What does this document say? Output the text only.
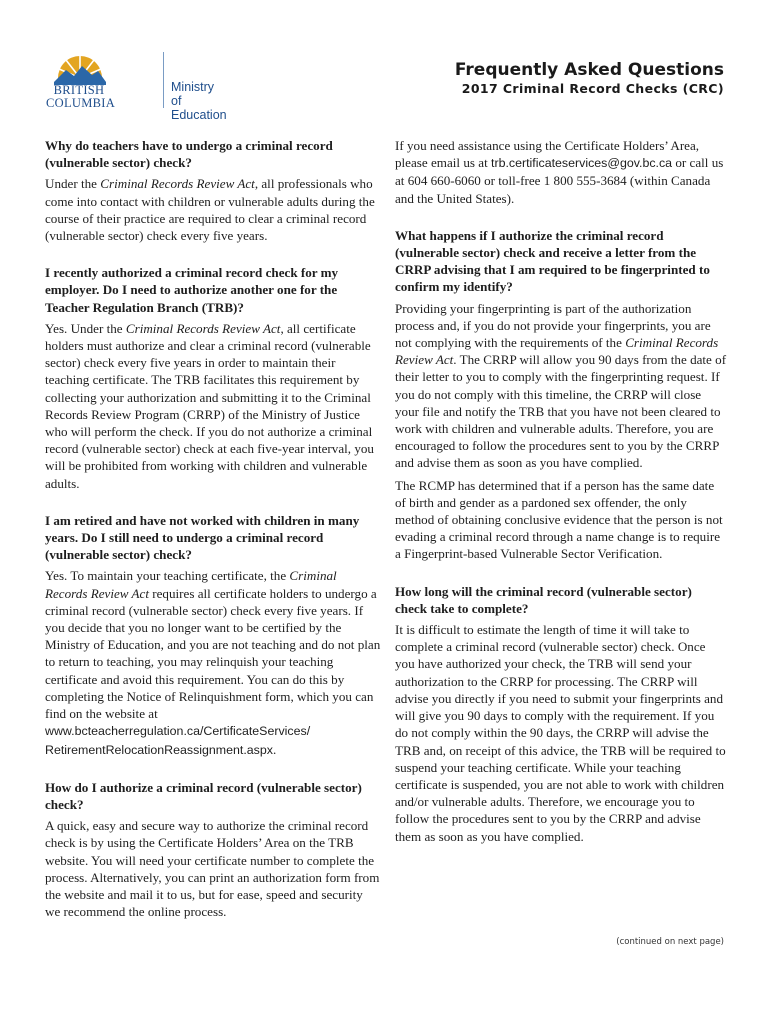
BRITISH
COLUMBIA
Ministry of
Education
Frequently Asked Questions
2017 Criminal Record Checks (CRC)

Why do teachers have to undergo a criminal record (vulnerable sector) check?

Under the Criminal Records Review Act, all professionals who come into contact with children or vulnerable adults during the course of their practice are required to clear a criminal record (vulnerable sector) check every five years.

I recently authorized a criminal record check for my employer. Do I need to authorize another one for the Teacher Regulation Branch (TRB)?

Yes. Under the Criminal Records Review Act, all certificate holders must authorize and clear a criminal record (vulnerable sector) check every five years in order to maintain their teaching certificate. The TRB facilitates this requirement by collecting your authorization and submitting it to the Criminal Records Review Program (CRRP) of the Ministry of Justice who will perform the check. If you do not authorize a criminal record (vulnerable sector) check at each five-year interval, you will be prohibited from working with children and vulnerable adults.

I am retired and have not worked with children in many years. Do I still need to undergo a criminal record (vulnerable sector) check?

Yes. To maintain your teaching certificate, the Criminal Records Review Act requires all certificate holders to undergo a criminal record (vulnerable sector) check every five years. If you decide that you no longer want to be certified by the Ministry of Education, and you are not teaching and do not plan to return to teaching, you may relinquish your teaching certificate and avoid this requirement. You can do this by completing the Notice of Relinquishment form, which you can find on the website at www.bcteacherregulation.ca/CertificateServices/
RetirementRelocationReassignment.aspx.

How do I authorize a criminal record (vulnerable sector) check?

A quick, easy and secure way to authorize the criminal record check is by using the Certificate Holders’ Area on the TRB website. You will need your certificate number to complete the process. Alternatively, you can print an authorization form from the website and mail it to us, but for ease, speed and security we recommend the online process.

If you need assistance using the Certificate Holders’ Area, please email us at trb.certificateservices@gov.bc.ca or call us at 604 660-6060 or toll-free 1 800 555-3684 (within Canada and the United States).

What happens if I authorize the criminal record (vulnerable sector) check and receive a letter from the CRRP advising that I am required to be fingerprinted to confirm my identify?

Providing your fingerprinting is part of the authorization process and, if you do not provide your fingerprints, you are not complying with the requirements of the Criminal Records Review Act. The CRRP will allow you 90 days from the date of their letter to you to comply with the fingerprinting request. If you do not comply with this timeline, the CRRP will close your file and notify the TRB that you have not been cleared to work with children and vulnerable adults. Therefore, you are encouraged to follow the procedures sent to you by the CRRP and advise them as soon as you have complied.

The RCMP has determined that if a person has the same date of birth and gender as a pardoned sex offender, the only method of obtaining conclusive evidence that the person is not evading a criminal record through a name change is to require a Fingerprint-based Vulnerable Sector Verification.

How long will the criminal record (vulnerable sector) check take to complete?

It is difficult to estimate the length of time it will take to complete a criminal record (vulnerable sector) check. Once you have authorized your check, the TRB will send your authorization to the CRRP for processing. The CRRP will advise you directly if you need to submit your fingerprints and will give you 90 days to comply with the requirement. If you do not comply within the 90 days, the CRRP will advise the TRB and, on receipt of this advice, the TRB will be required to suspend your teaching certificate. While your teaching certificate is suspended, you are not able to work with children and/or vulnerable adults. Therefore, we encourage you to follow the procedures sent to you by the CRRP and advise them as soon as you have complied.

(continued on next page)
